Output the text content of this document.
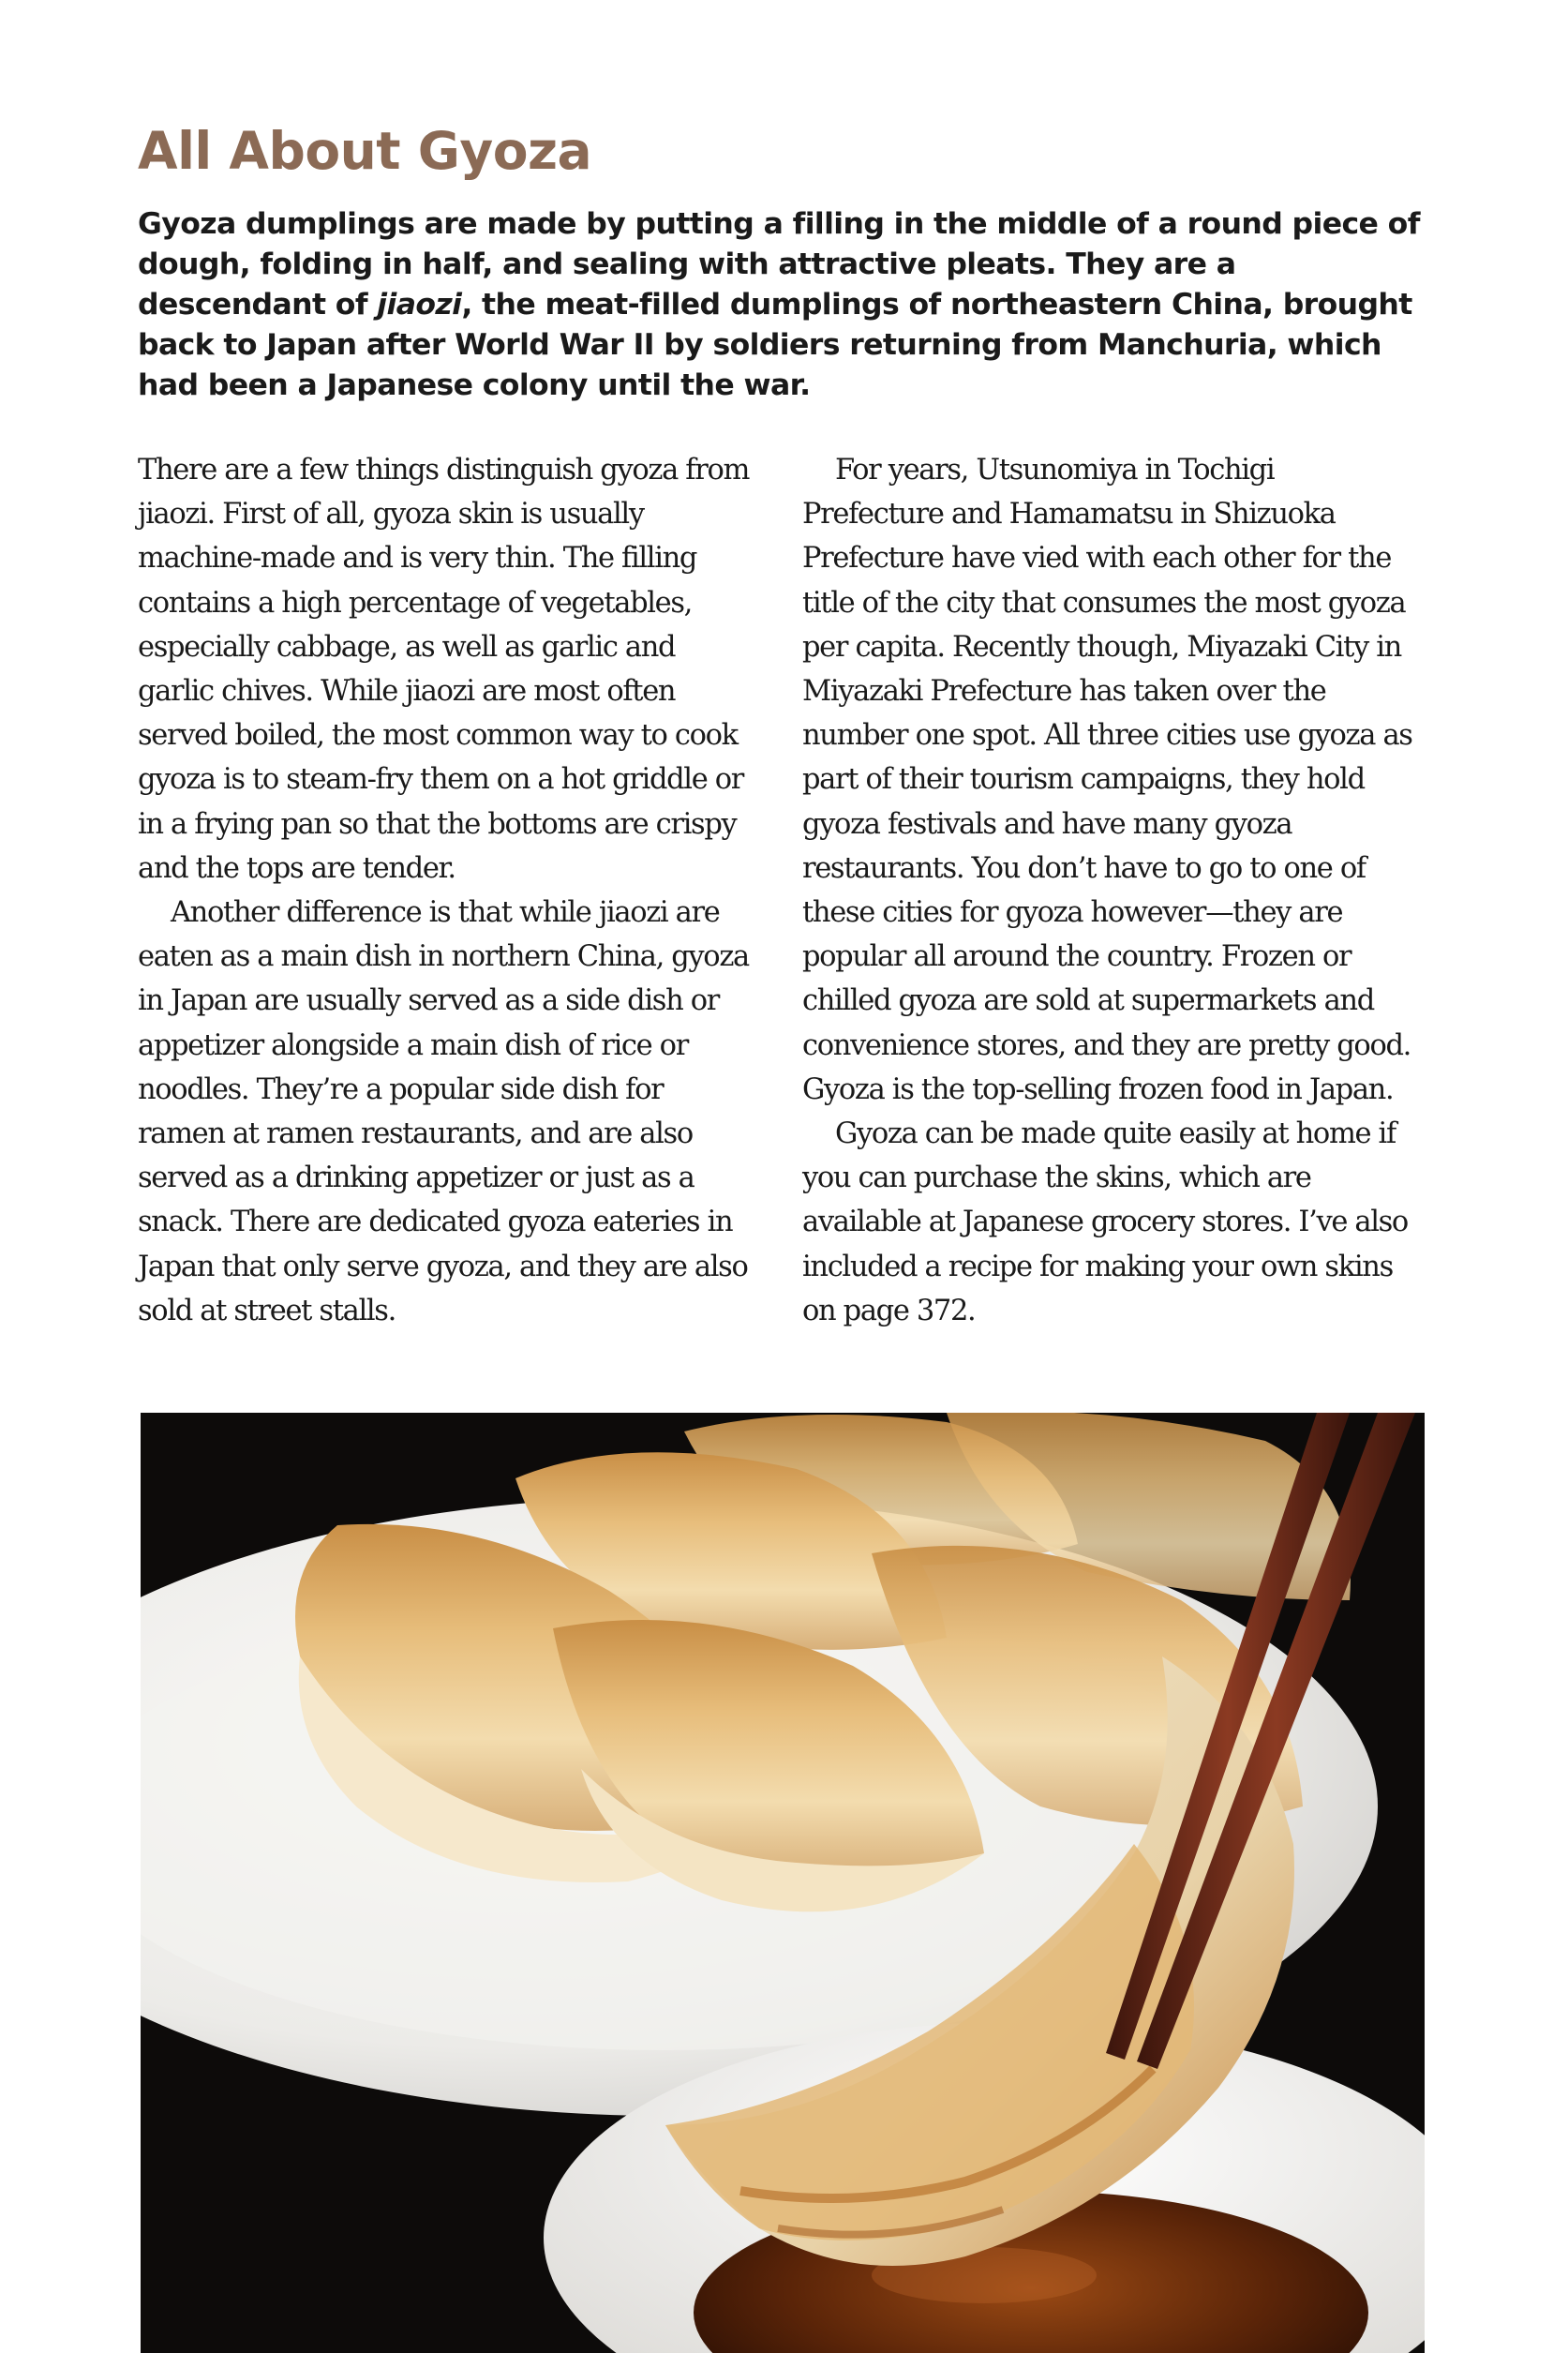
All About Gyoza

Gyoza dumplings are made by putting a filling in the middle of a round piece of dough, folding in half, and sealing with attractive pleats. They are a descendant of jiaozi, the meat-filled dumplings of northeastern China, brought back to Japan after World War II by soldiers returning from Manchuria, which had been a Japanese colony until the war.

There are a few things distinguish gyoza from jiaozi. First of all, gyoza skin is usually machine-made and is very thin. The filling contains a high percentage of vegetables, especially cabbage, as well as garlic and garlic chives. While jiaozi are most often served boiled, the most common way to cook gyoza is to steam-fry them on a hot griddle or in a frying pan so that the bottoms are crispy and the tops are tender.

Another difference is that while jiaozi are eaten as a main dish in northern China, gyoza in Japan are usually served as a side dish or appetizer alongside a main dish of rice or noodles. They’re a popular side dish for ramen at ramen restaurants, and are also served as a drinking appetizer or just as a snack. There are dedicated gyoza eateries in Japan that only serve gyoza, and they are also sold at street stalls.

For years, Utsunomiya in Tochigi Prefecture and Hamamatsu in Shizuoka Prefecture have vied with each other for the title of the city that consumes the most gyoza per capita. Recently though, Miyazaki City in Miyazaki Prefecture has taken over the number one spot. All three cities use gyoza as part of their tourism campaigns, they hold gyoza festivals and have many gyoza restaurants. You don’t have to go to one of these cities for gyoza however—they are popular all around the country. Frozen or chilled gyoza are sold at supermarkets and convenience stores, and they are pretty good. Gyoza is the top-selling frozen food in Japan.

Gyoza can be made quite easily at home if you can purchase the skins, which are available at Japanese grocery stores. I’ve also included a recipe for making your own skins on page 372.
